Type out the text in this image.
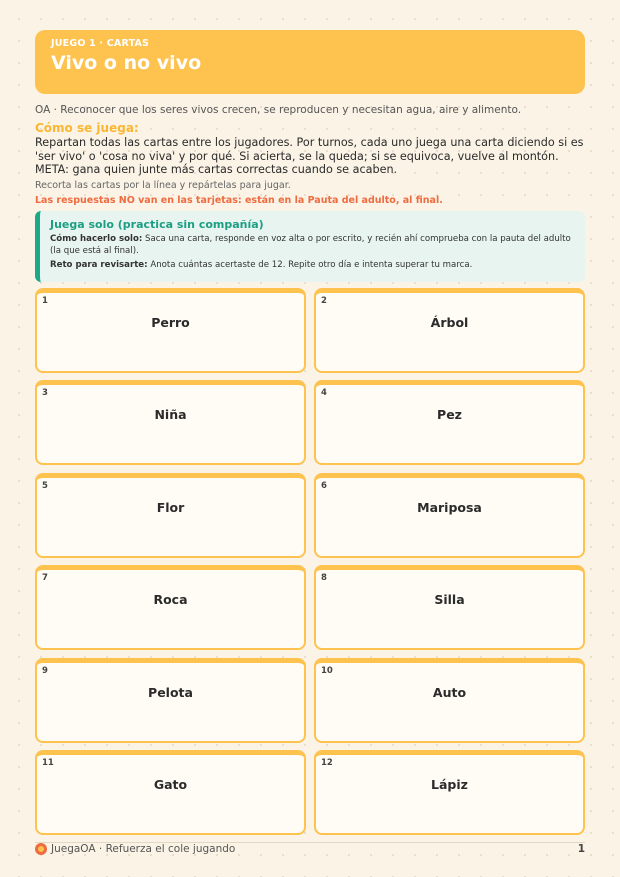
JUEGO 1 · CARTAS
Vivo o no vivo
OA · Reconocer que los seres vivos crecen, se reproducen y necesitan agua, aire y alimento.
Cómo se juega:
Repartan todas las cartas entre los jugadores. Por turnos, cada uno juega una carta diciendo si es 'ser vivo' o 'cosa no viva' y por qué. Si acierta, se la queda; si se equivoca, vuelve al montón. META: gana quien junte más cartas correctas cuando se acaben.
Recorta las cartas por la línea y repártelas para jugar.
Las respuestas NO van en las tarjetas: están en la Pauta del adulto, al final.
Juega solo (practica sin compañía)
Cómo hacerlo solo: Saca una carta, responde en voz alta o por escrito, y recién ahí comprueba con la pauta del adulto (la que está al final).
Reto para revisarte: Anota cuántas acertaste de 12. Repite otro día e intenta superar tu marca.
1
Perro
2
Árbol
3
Niña
4
Pez
5
Flor
6
Mariposa
7
Roca
8
Silla
9
Pelota
10
Auto
11
Gato
12
Lápiz
JuegaOA · Refuerza el cole jugando	1
